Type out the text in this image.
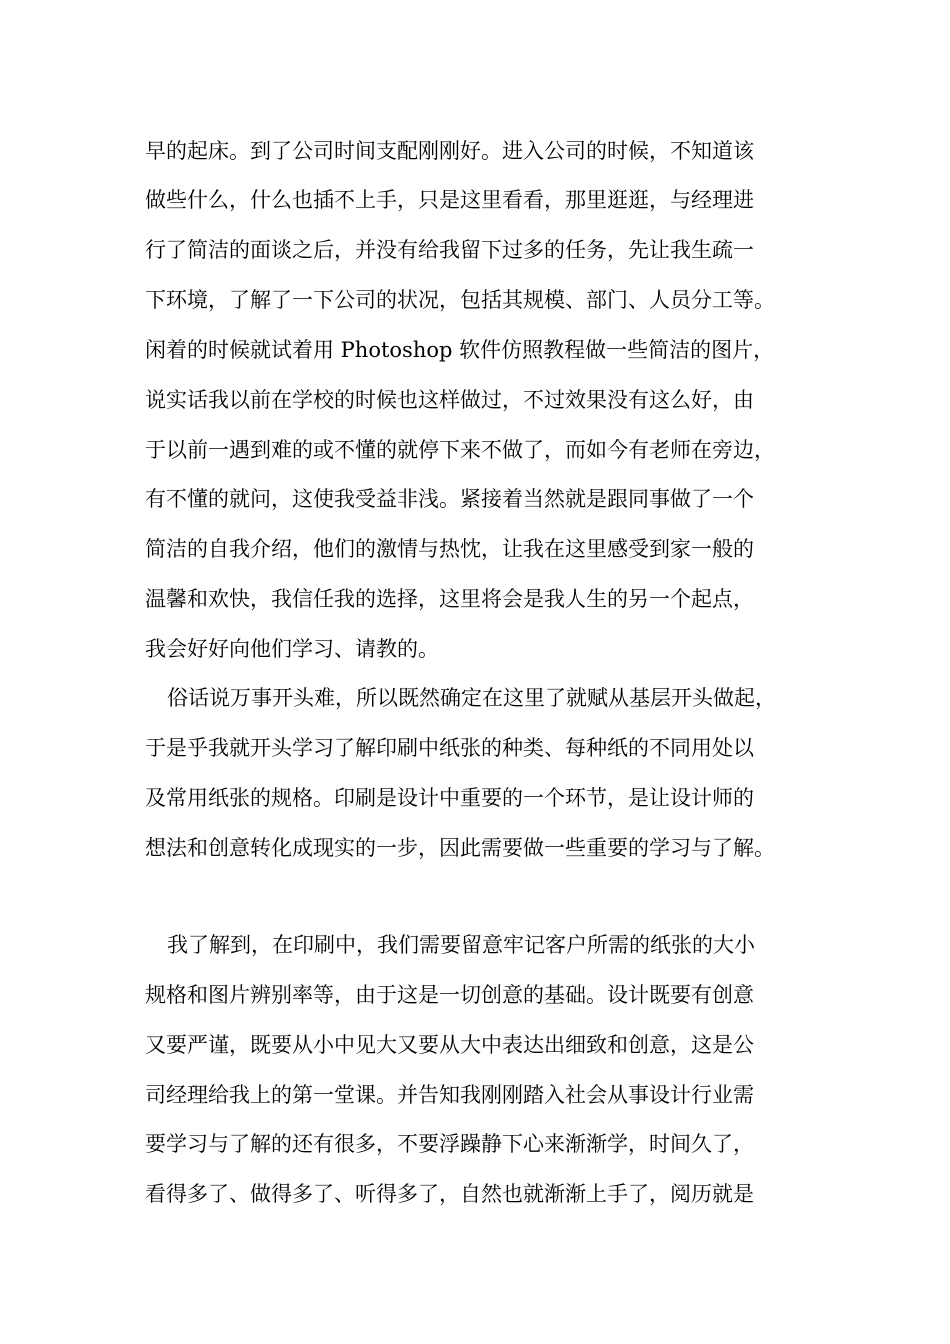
早的起床。到了公司时间支配刚刚好。进入公司的时候，不知道该
做些什么，什么也插不上手，只是这里看看，那里逛逛，与经理进
行了简洁的面谈之后，并没有给我留下过多的任务，先让我生疏一
下环境，了解了一下公司的状况，包括其规模、部门、人员分工等。
闲着的时候就试着用 Photoshop 软件仿照教程做一些简洁的图片，
说实话我以前在学校的时候也这样做过，不过效果没有这么好，由
于以前一遇到难的或不懂的就停下来不做了，而如今有老师在旁边，
有不懂的就问，这使我受益非浅。紧接着当然就是跟同事做了一个
简洁的自我介绍，他们的激情与热忱，让我在这里感受到家一般的
温馨和欢快，我信任我的选择，这里将会是我人生的另一个起点，
我会好好向他们学习、请教的。
俗话说万事开头难，所以既然确定在这里了就赋从基层开头做起，
于是乎我就开头学习了解印刷中纸张的种类、每种纸的不同用处以
及常用纸张的规格。印刷是设计中重要的一个环节，是让设计师的
想法和创意转化成现实的一步，因此需要做一些重要的学习与了解。
我了解到，在印刷中，我们需要留意牢记客户所需的纸张的大小
规格和图片辨别率等，由于这是一切创意的基础。设计既要有创意
又要严谨，既要从小中见大又要从大中表达出细致和创意，这是公
司经理给我上的第一堂课。并告知我刚刚踏入社会从事设计行业需
要学习与了解的还有很多，不要浮躁静下心来渐渐学，时间久了，
看得多了、做得多了、听得多了，自然也就渐渐上手了，阅历就是
